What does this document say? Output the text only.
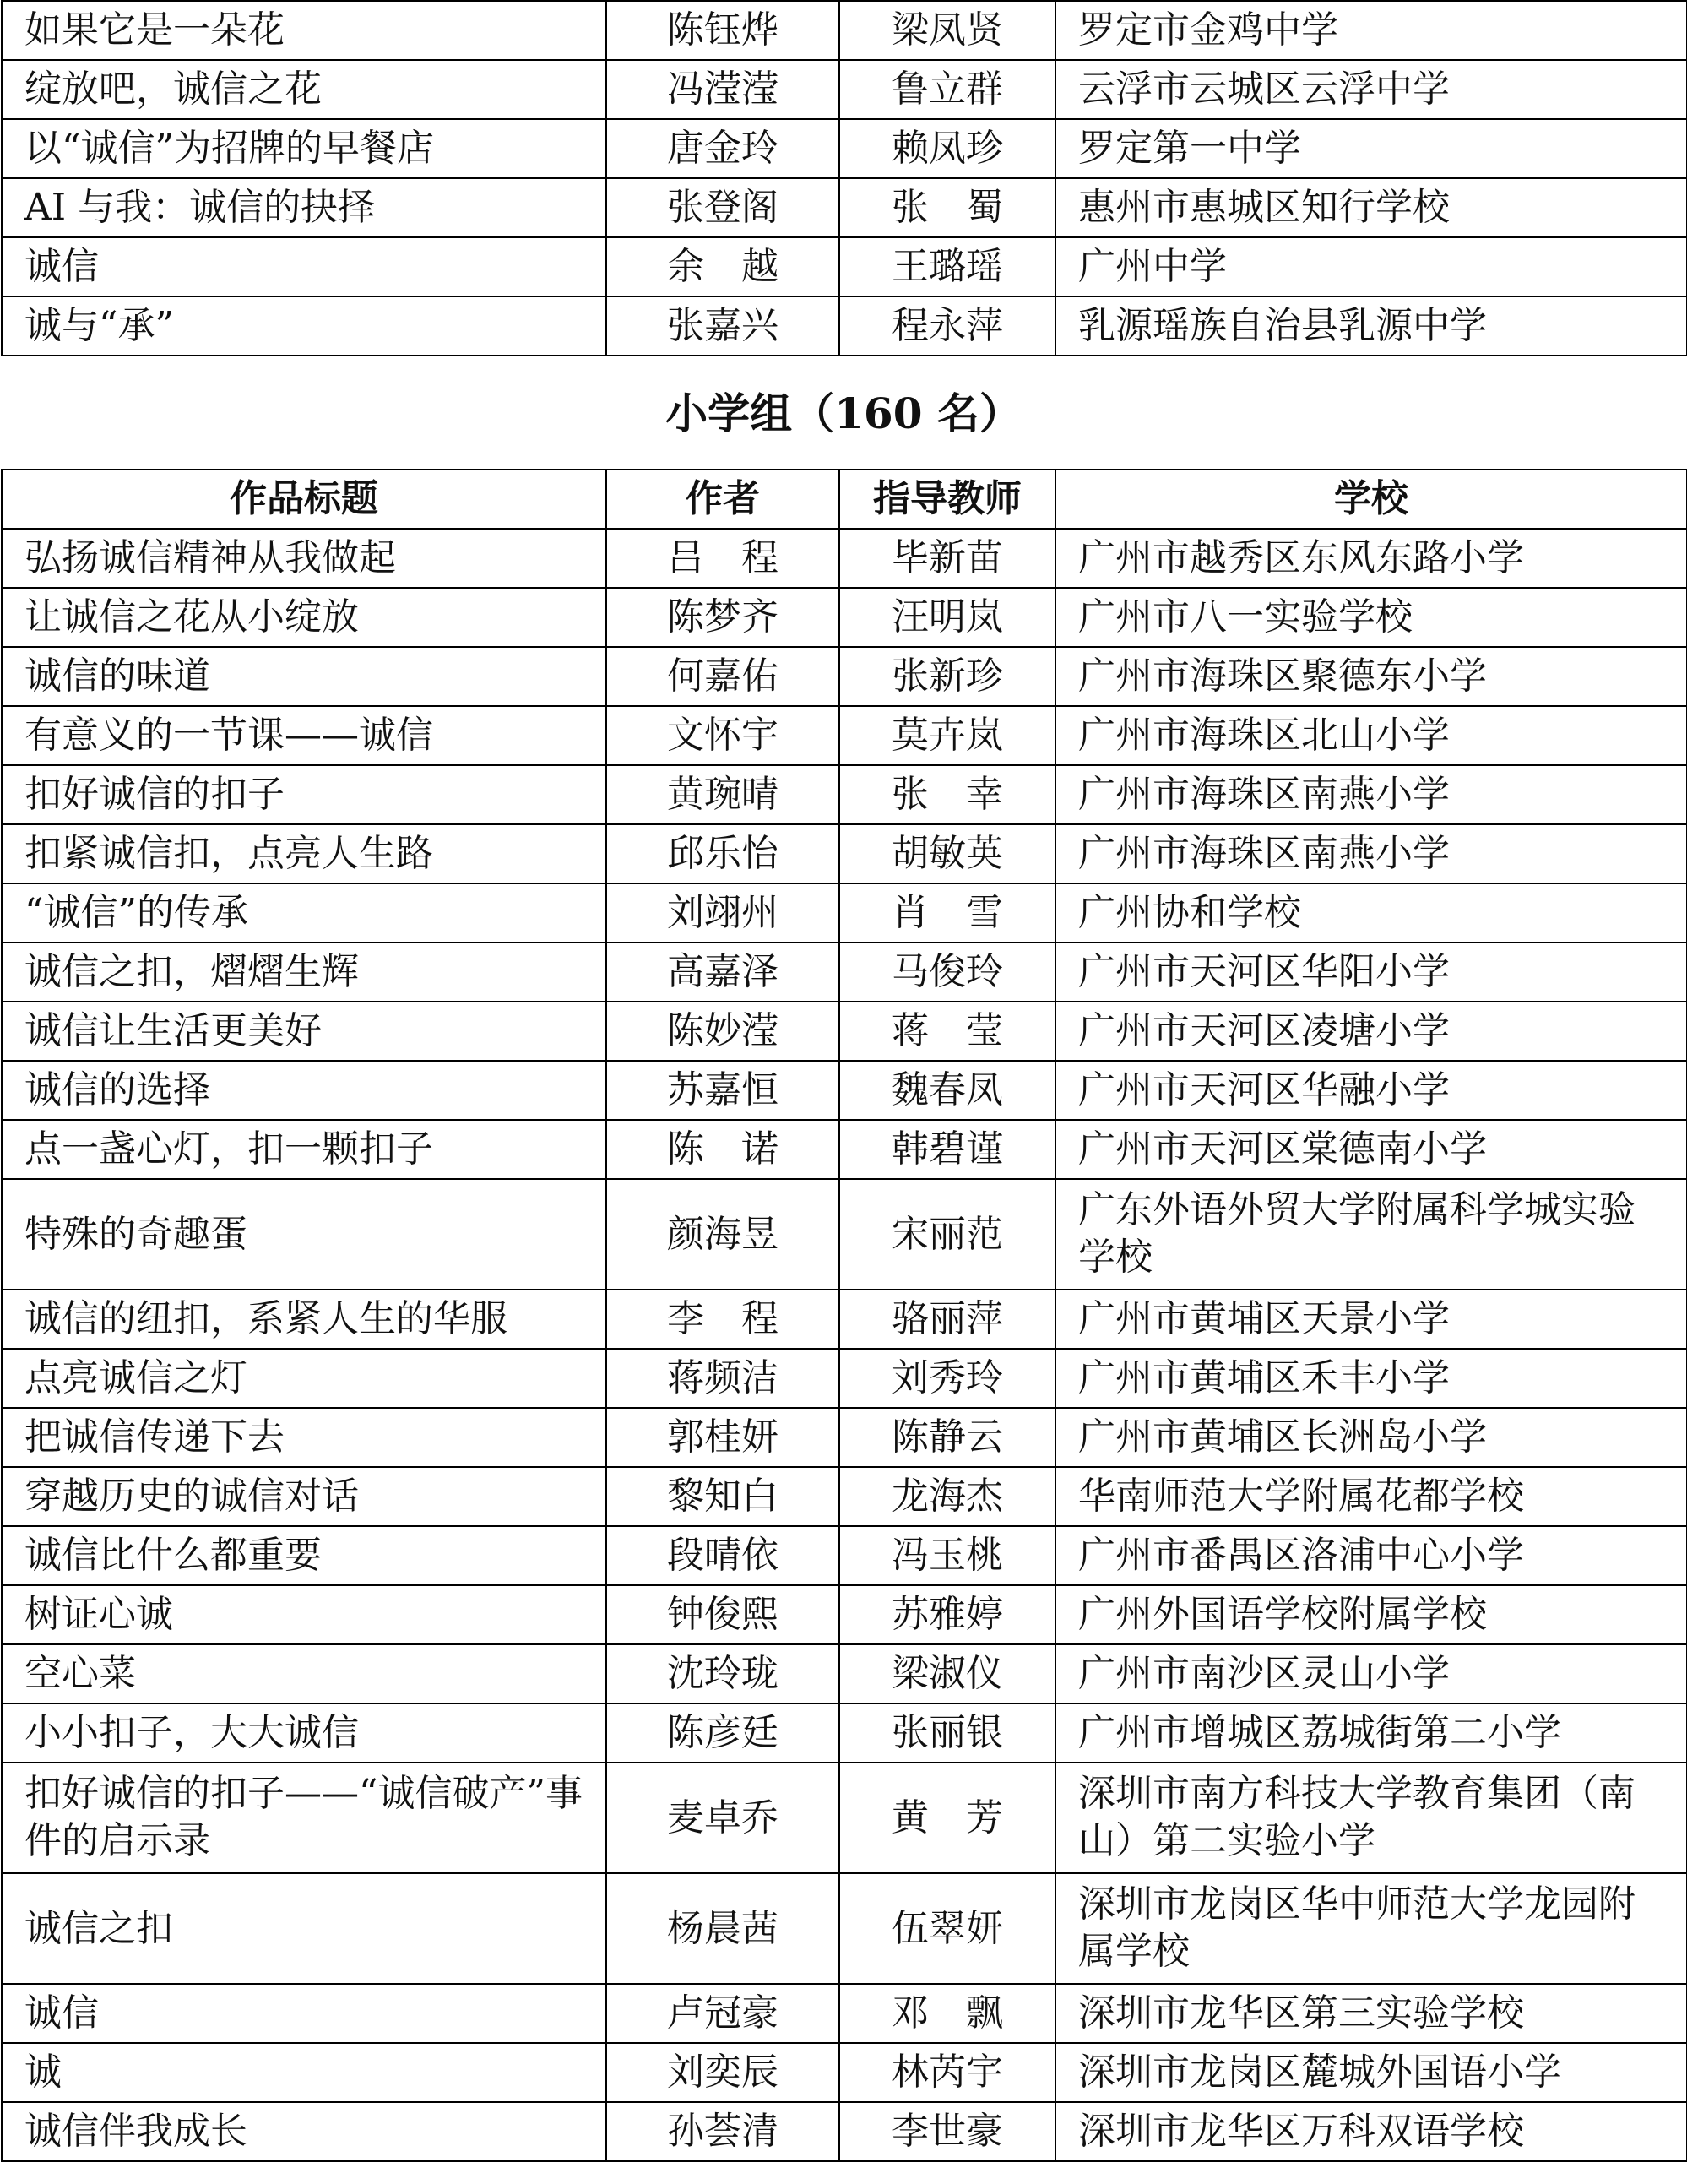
如果它是一朵花	陈钰烨	梁凤贤	罗定市金鸡中学
绽放吧，诚信之花	冯滢滢	鲁立群	云浮市云城区云浮中学
以“诚信”为招牌的早餐店	唐金玲	赖凤珍	罗定第一中学
AI 与我：诚信的抉择	张登阁	张　蜀	惠州市惠城区知行学校
诚信	余　越	王璐瑶	广州中学
诚与“承”	张嘉兴	程永萍	乳源瑶族自治县乳源中学
小学组（160 名）
作品标题	作者	指导教师	学校
弘扬诚信精神从我做起	吕　程	毕新苗	广州市越秀区东风东路小学
让诚信之花从小绽放	陈梦齐	汪明岚	广州市八一实验学校
诚信的味道	何嘉佑	张新珍	广州市海珠区聚德东小学
有意义的一节课——诚信	文怀宇	莫卉岚	广州市海珠区北山小学
扣好诚信的扣子	黄琬晴	张　幸	广州市海珠区南燕小学
扣紧诚信扣，点亮人生路	邱乐怡	胡敏英	广州市海珠区南燕小学
“诚信”的传承	刘翊州	肖　雪	广州协和学校
诚信之扣，熠熠生辉	高嘉泽	马俊玲	广州市天河区华阳小学
诚信让生活更美好	陈妙滢	蒋　莹	广州市天河区凌塘小学
诚信的选择	苏嘉恒	魏春凤	广州市天河区华融小学
点一盏心灯，扣一颗扣子	陈　诺	韩碧谨	广州市天河区棠德南小学
特殊的奇趣蛋	颜海昱	宋丽范	广东外语外贸大学附属科学城实验学校
诚信的纽扣，系紧人生的华服	李　程	骆丽萍	广州市黄埔区天景小学
点亮诚信之灯	蒋频洁	刘秀玲	广州市黄埔区禾丰小学
把诚信传递下去	郭桂妍	陈静云	广州市黄埔区长洲岛小学
穿越历史的诚信对话	黎知白	龙海杰	华南师范大学附属花都学校
诚信比什么都重要	段晴依	冯玉桃	广州市番禺区洛浦中心小学
树证心诚	钟俊熙	苏雅婷	广州外国语学校附属学校
空心菜	沈玲珑	梁淑仪	广州市南沙区灵山小学
小小扣子，大大诚信	陈彦廷	张丽银	广州市增城区荔城街第二小学
扣好诚信的扣子——“诚信破产”事件的启示录	麦卓乔	黄　芳	深圳市南方科技大学教育集团（南山）第二实验小学
诚信之扣	杨晨茜	伍翠妍	深圳市龙岗区华中师范大学龙园附属学校
诚信	卢冠豪	邓　飘	深圳市龙华区第三实验学校
诚	刘奕辰	林芮宇	深圳市龙岗区麓城外国语小学
诚信伴我成长	孙荟清	李世豪	深圳市龙华区万科双语学校
